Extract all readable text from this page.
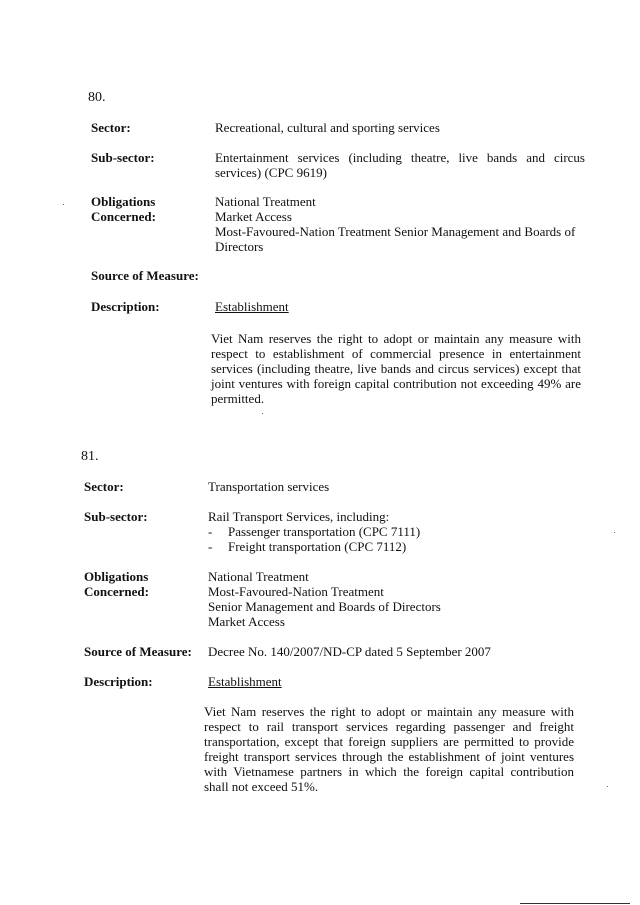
80.
Sector:	Recreational, cultural and sporting services
Sub-sector:	Entertainment services (including theatre, live bands and circus services) (CPC 9619)
Obligations
Concerned:
National Treatment
Market Access
Most-Favoured-Nation Treatment Senior Management and Boards of Directors
Source of Measure:
Description:	Establishment
Viet Nam reserves the right to adopt or maintain any measure with respect to establishment of commercial presence in entertainment services (including theatre, live bands and circus services) except that joint ventures with foreign capital contribution not exceeding 49% are permitted.
81.
Sector:	Transportation services
Sub-sector:	Rail Transport Services, including:
- Passenger transportation (CPC 7111)
- Freight transportation (CPC 7112)
Obligations
Concerned:
National Treatment
Most-Favoured-Nation Treatment
Senior Management and Boards of Directors
Market Access
Source of Measure: Decree No. 140/2007/ND-CP dated 5 September 2007
Description:	Establishment
Viet Nam reserves the right to adopt or maintain any measure with respect to rail transport services regarding passenger and freight transportation, except that foreign suppliers are permitted to provide freight transport services through the establishment of joint ventures with Vietnamese partners in which the foreign capital contribution shall not exceed 51%.
